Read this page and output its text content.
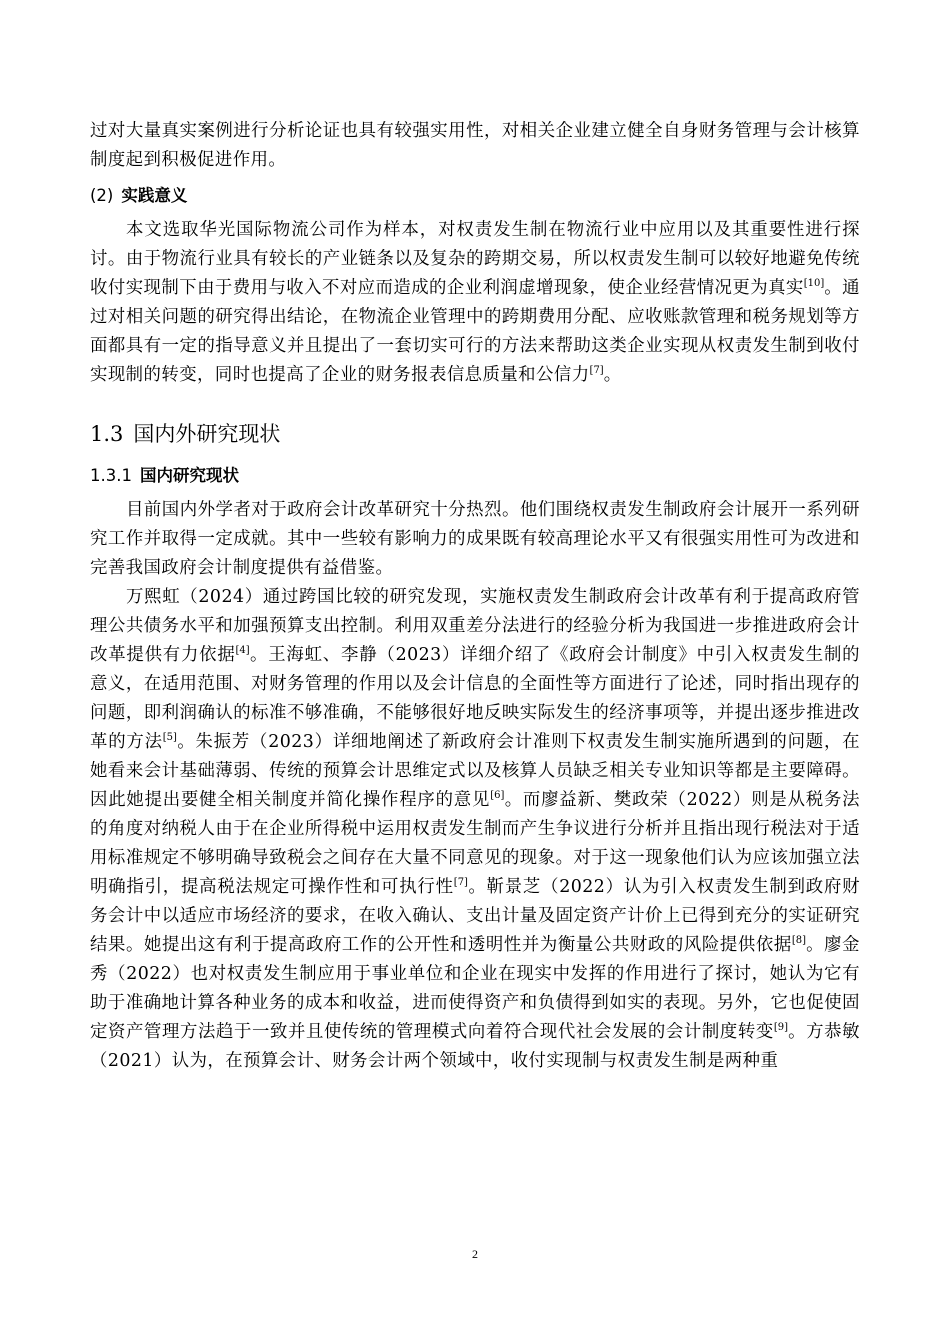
过对大量真实案例进行分析论证也具有较强实用性，对相关企业建立健全自身财务管理与会计核算制度起到积极促进作用。

(2) 实践意义

本文选取华光国际物流公司作为样本，对权责发生制在物流行业中应用以及其重要性进行探讨。由于物流行业具有较长的产业链条以及复杂的跨期交易，所以权责发生制可以较好地避免传统收付实现制下由于费用与收入不对应而造成的企业利润虚增现象，使企业经营情况更为真实[10]。通过对相关问题的研究得出结论，在物流企业管理中的跨期费用分配、应收账款管理和税务规划等方面都具有一定的指导意义并且提出了一套切实可行的方法来帮助这类企业实现从权责发生制到收付实现制的转变，同时也提高了企业的财务报表信息质量和公信力[7]。

1.3 国内外研究现状
1.3.1 国内研究现状

目前国内外学者对于政府会计改革研究十分热烈。他们围绕权责发生制政府会计展开一系列研究工作并取得一定成就。其中一些较有影响力的成果既有较高理论水平又有很强实用性可为改进和完善我国政府会计制度提供有益借鉴。

万熙虹（2024）通过跨国比较的研究发现，实施权责发生制政府会计改革有利于提高政府管理公共债务水平和加强预算支出控制。利用双重差分法进行的经验分析为我国进一步推进政府会计改革提供有力依据[4]。王海虹、李静（2023）详细介绍了《政府会计制度》中引入权责发生制的意义，在适用范围、对财务管理的作用以及会计信息的全面性等方面进行了论述，同时指出现存的问题，即利润确认的标准不够准确，不能够很好地反映实际发生的经济事项等，并提出逐步推进改革的方法[5]。朱振芳（2023）详细地阐述了新政府会计准则下权责发生制实施所遇到的问题，在她看来会计基础薄弱、传统的预算会计思维定式以及核算人员缺乏相关专业知识等都是主要障碍。因此她提出要健全相关制度并简化操作程序的意见[6]。而廖益新、樊政荣（2022）则是从税务法的角度对纳税人由于在企业所得税中运用权责发生制而产生争议进行分析并且指出现行税法对于适用标准规定不够明确导致税会之间存在大量不同意见的现象。对于这一现象他们认为应该加强立法明确指引，提高税法规定可操作性和可执行性[7]。靳景芝（2022）认为引入权责发生制到政府财务会计中以适应市场经济的要求，在收入确认、支出计量及固定资产计价上已得到充分的实证研究结果。她提出这有利于提高政府工作的公开性和透明性并为衡量公共财政的风险提供依据[8]。廖金秀（2022）也对权责发生制应用于事业单位和企业在现实中发挥的作用进行了探讨，她认为它有助于准确地计算各种业务的成本和收益，进而使得资产和负债得到如实的表现。另外，它也促使固定资产管理方法趋于一致并且使传统的管理模式向着符合现代社会发展的会计制度转变[9]。方恭敏（2021）认为，在预算会计、财务会计两个领域中，收付实现制与权责发生制是两种重

2
